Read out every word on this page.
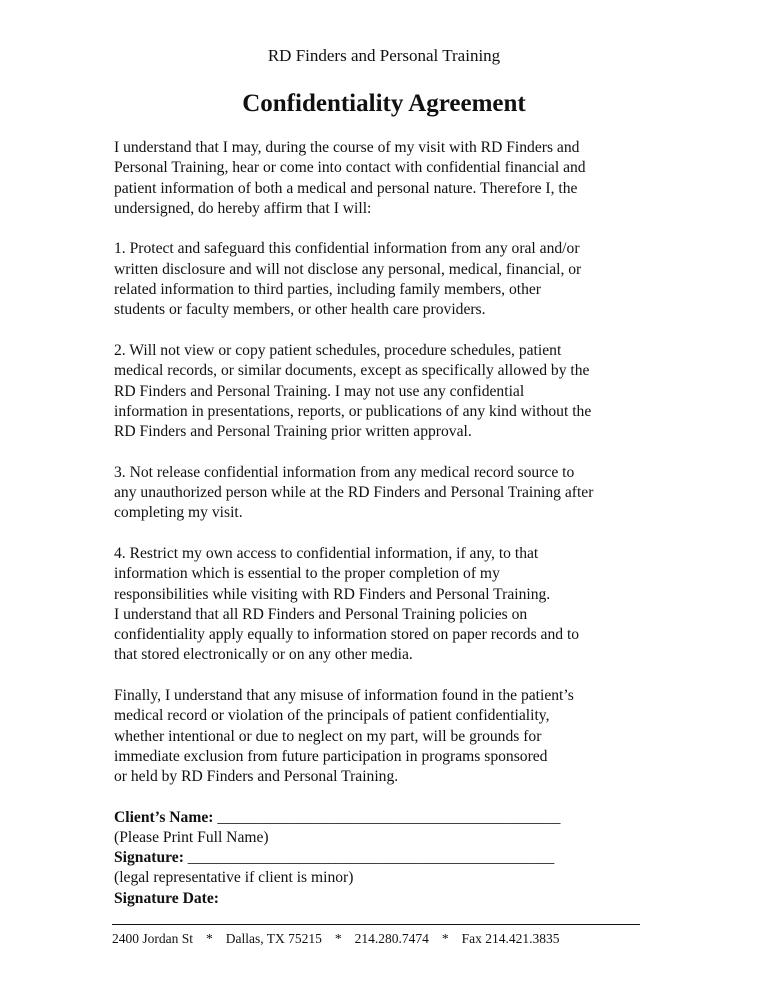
RD Finders and Personal Training
Confidentiality Agreement
I understand that I may, during the course of my visit with RD Finders and
Personal Training, hear or come into contact with confidential financial and
patient information of both a medical and personal nature. Therefore I, the
undersigned, do hereby affirm that I will:
1. Protect and safeguard this confidential information from any oral and/or
written disclosure and will not disclose any personal, medical, financial, or
related information to third parties, including family members, other
students or faculty members, or other health care providers.
2. Will not view or copy patient schedules, procedure schedules, patient
medical records, or similar documents, except as specifically allowed by the
RD Finders and Personal Training. I may not use any confidential
information in presentations, reports, or publications of any kind without the
RD Finders and Personal Training prior written approval.
3. Not release confidential information from any medical record source to
any unauthorized person while at the RD Finders and Personal Training after
completing my visit.
4. Restrict my own access to confidential information, if any, to that
information which is essential to the proper completion of my
responsibilities while visiting with RD Finders and Personal Training.
I understand that all RD Finders and Personal Training policies on
confidentiality apply equally to information stored on paper records and to
that stored electronically or on any other media.
Finally, I understand that any misuse of information found in the patient’s
medical record or violation of the principals of patient confidentiality,
whether intentional or due to neglect on my part, will be grounds for
immediate exclusion from future participation in programs sponsored
or held by RD Finders and Personal Training.
Client’s Name: ____________________________________________
(Please Print Full Name)
Signature: _______________________________________________
(legal representative if client is minor)
Signature Date:
2400 Jordan St * Dallas, TX 75215 * 214.280.7474 * Fax 214.421.3835
